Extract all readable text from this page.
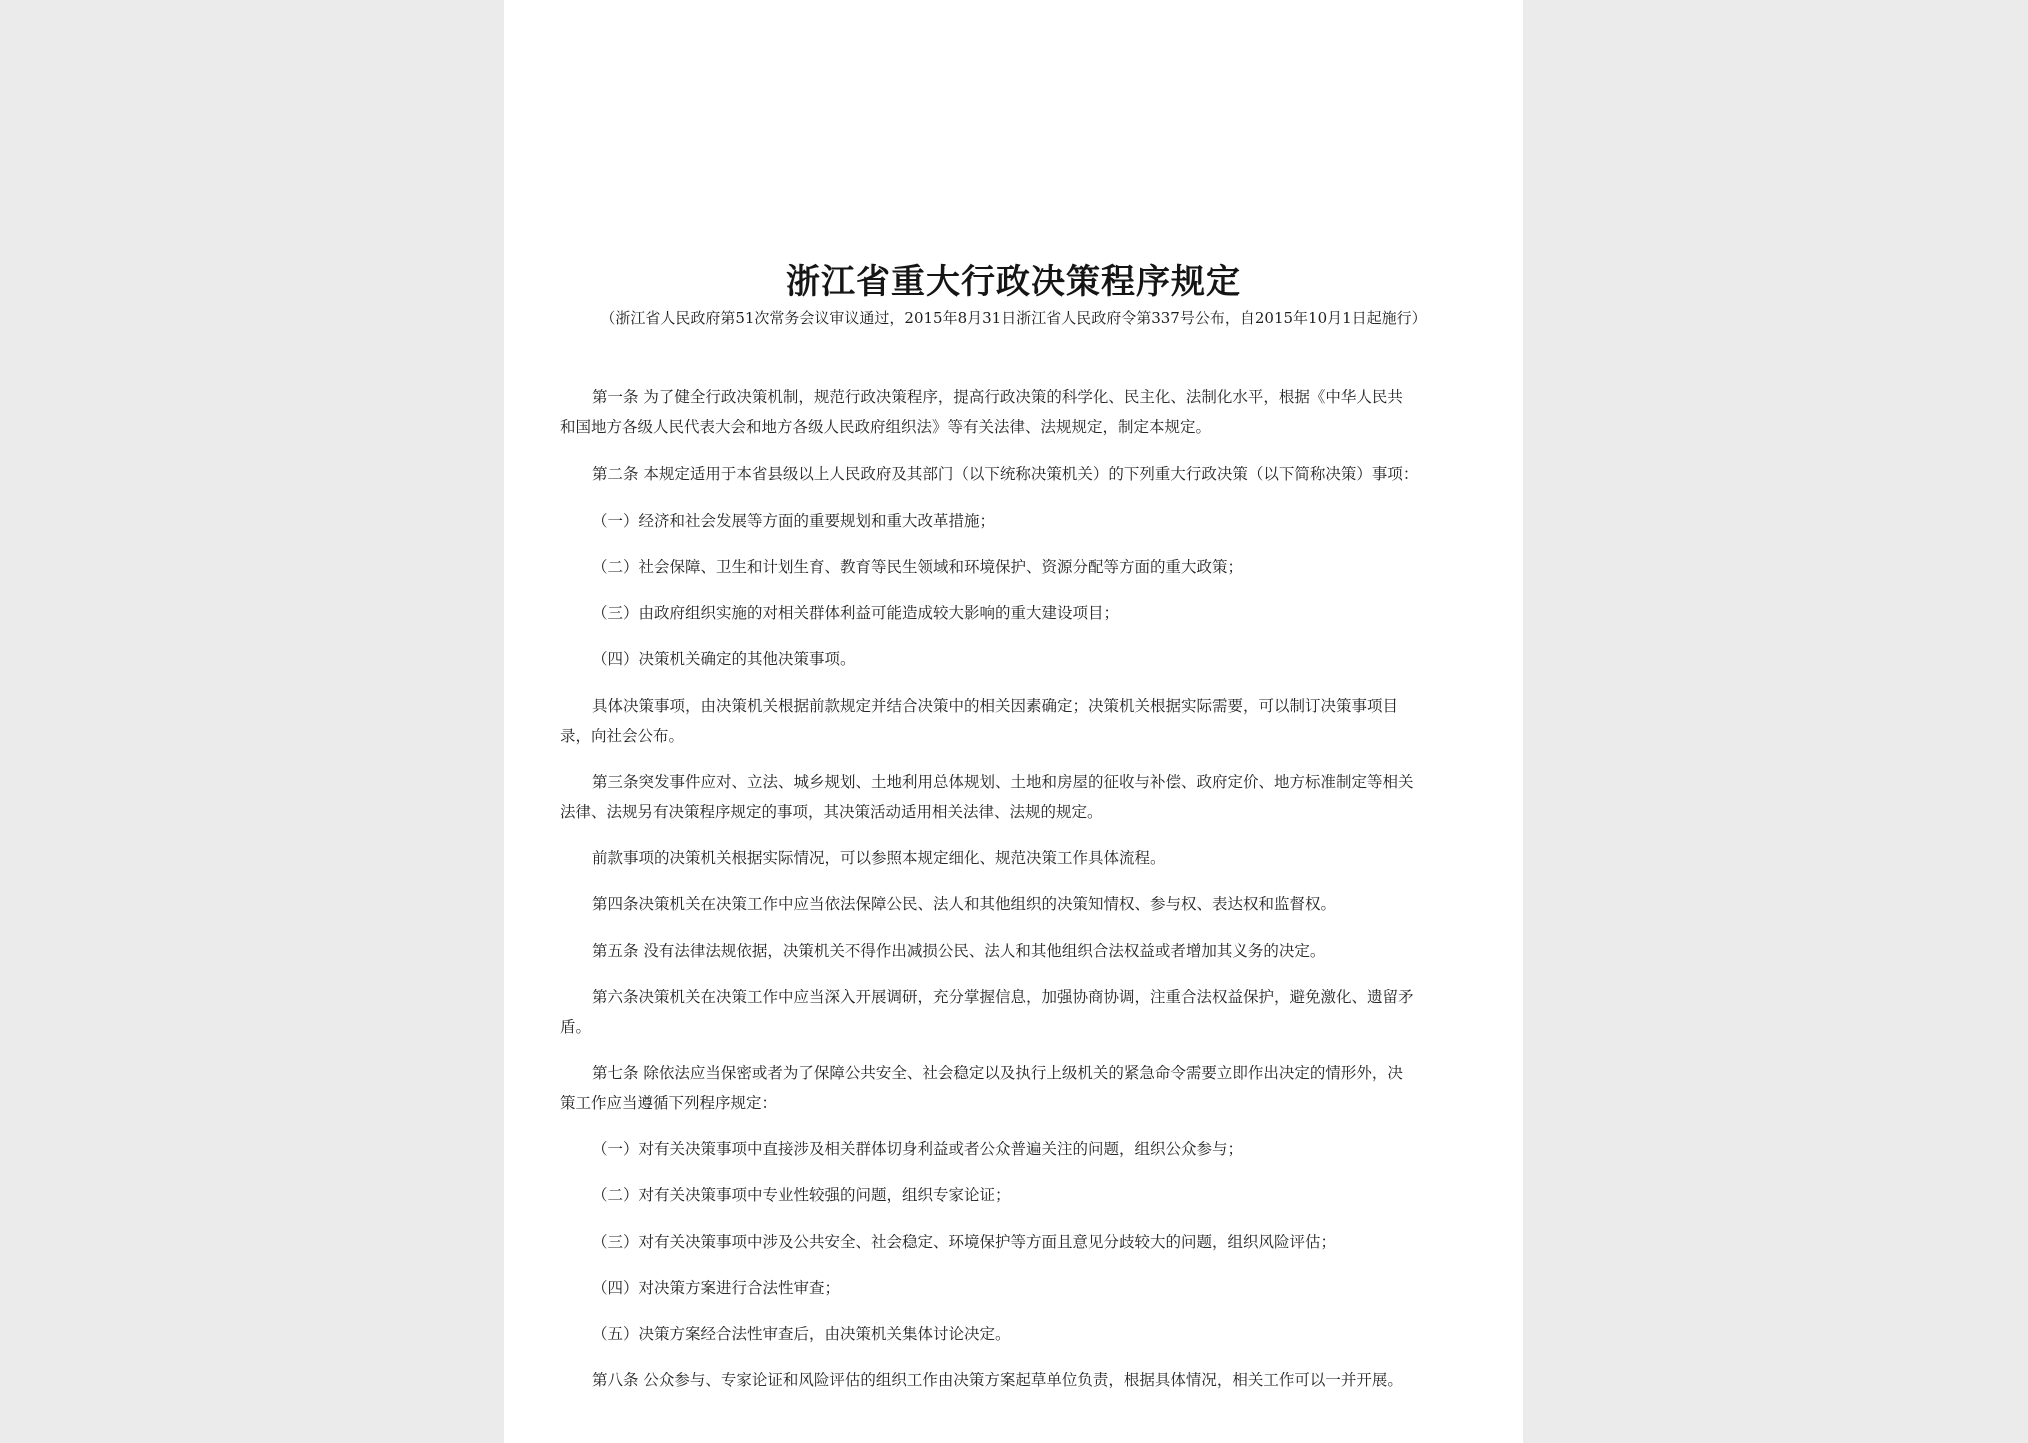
浙江省重大行政决策程序规定
（浙江省人民政府第51次常务会议审议通过，2015年8月31日浙江省人民政府令第337号公布，自2015年10月1日起施行）
第一条 为了健全行政决策机制，规范行政决策程序，提高行政决策的科学化、民主化、法制化水平，根据《中华人民共
和国地方各级人民代表大会和地方各级人民政府组织法》等有关法律、法规规定，制定本规定。
第二条 本规定适用于本省县级以上人民政府及其部门（以下统称决策机关）的下列重大行政决策（以下简称决策）事项：
（一）经济和社会发展等方面的重要规划和重大改革措施；
（二）社会保障、卫生和计划生育、教育等民生领域和环境保护、资源分配等方面的重大政策；
（三）由政府组织实施的对相关群体利益可能造成较大影响的重大建设项目；
（四）决策机关确定的其他决策事项。
具体决策事项，由决策机关根据前款规定并结合决策中的相关因素确定；决策机关根据实际需要，可以制订决策事项目
录，向社会公布。
第三条突发事件应对、立法、城乡规划、土地利用总体规划、土地和房屋的征收与补偿、政府定价、地方标准制定等相关
法律、法规另有决策程序规定的事项，其决策活动适用相关法律、法规的规定。
前款事项的决策机关根据实际情况，可以参照本规定细化、规范决策工作具体流程。
第四条决策机关在决策工作中应当依法保障公民、法人和其他组织的决策知情权、参与权、表达权和监督权。
第五条 没有法律法规依据，决策机关不得作出减损公民、法人和其他组织合法权益或者增加其义务的决定。
第六条决策机关在决策工作中应当深入开展调研，充分掌握信息，加强协商协调，注重合法权益保护，避免激化、遗留矛
盾。
第七条 除依法应当保密或者为了保障公共安全、社会稳定以及执行上级机关的紧急命令需要立即作出决定的情形外，决
策工作应当遵循下列程序规定：
（一）对有关决策事项中直接涉及相关群体切身利益或者公众普遍关注的问题，组织公众参与；
（二）对有关决策事项中专业性较强的问题，组织专家论证；
（三）对有关决策事项中涉及公共安全、社会稳定、环境保护等方面且意见分歧较大的问题，组织风险评估；
（四）对决策方案进行合法性审查；
（五）决策方案经合法性审查后，由决策机关集体讨论决定。
第八条 公众参与、专家论证和风险评估的组织工作由决策方案起草单位负责，根据具体情况，相关工作可以一并开展。
